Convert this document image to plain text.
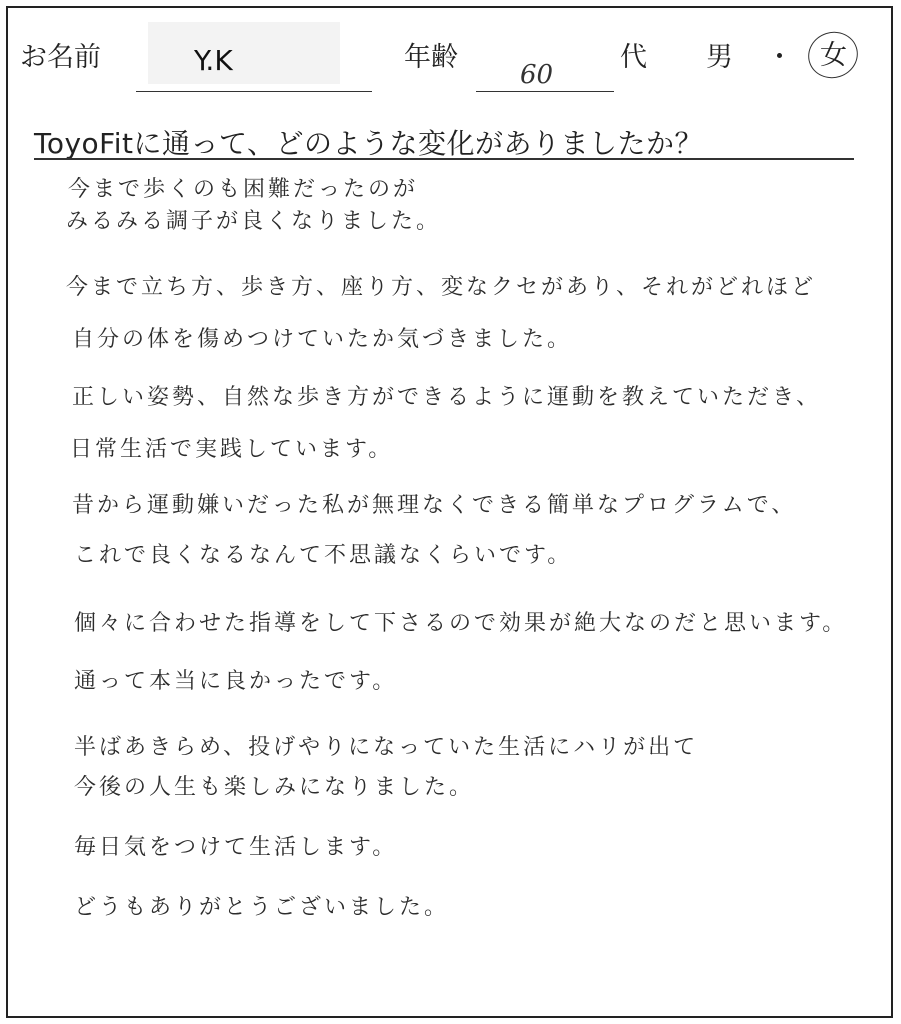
お名前	Y.K	年齢
60
代 男 ・ 女
ToyoFitに通って、どのような変化がありましたか？
今まで歩くのも困難だったのが
みるみる調子が良くなりました。
今まで立ち方、歩き方、座り方、変なクセがあり、それがどれほど
自分の体を傷めつけていたか気づきました。
正しい姿勢、自然な歩き方ができるように運動を教えていただき、
日常生活で実践しています。
昔から運動嫌いだった私が無理なくできる簡単なプログラムで、
これで良くなるなんて不思議なくらいです。
個々に合わせた指導をして下さるので効果が絶大なのだと思います。
通って本当に良かったです。
半ばあきらめ、投げやりになっていた生活にハリが出て
今後の人生も楽しみになりました。
毎日気をつけて生活します。
どうもありがとうございました。
